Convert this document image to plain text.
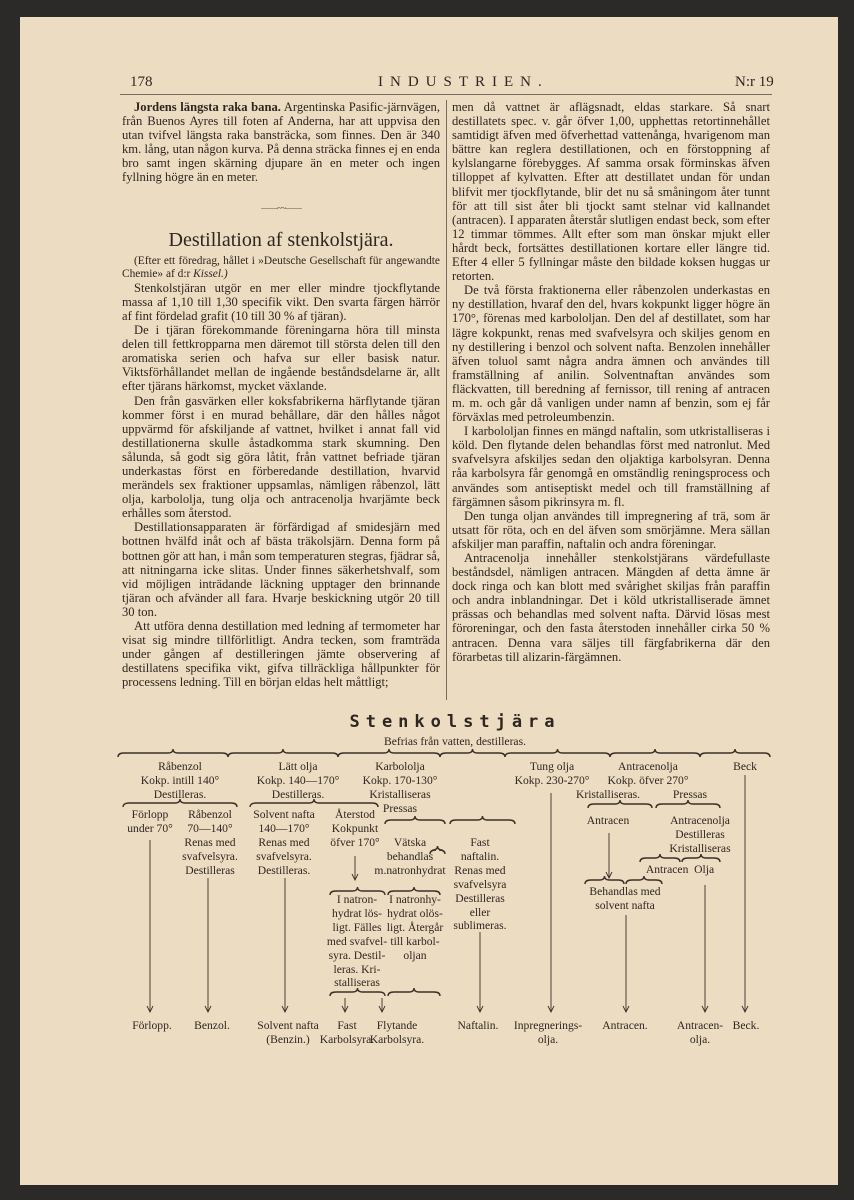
178	INDUSTRIEN.	N:r 19

Jordens längsta raka bana. Argentinska Pasific-järnvägen, från Buenos Ayres till foten af Anderna, har att uppvisa den utan tvifvel längsta raka bansträcka, som finnes. Den är 340 km. lång, utan någon kurva. På denna sträcka finnes ej en enda bro samt ingen skärning djupare än en meter och ingen fyllning högre än en meter.

——~~——
Destillation af stenkolstjära.

(Efter ett föredrag, hållet i »Deutsche Gesellschaft für angewandte Chemie» af d:r Kissel.)

Stenkolstjäran utgör en mer eller mindre tjockflytande massa af 1,10 till 1,30 specifik vikt. Den svarta färgen härrör af fint fördelad grafit (10 till 30 % af tjäran).

De i tjäran förekommande föreningarna höra till minsta delen till fettkropparna men däremot till största delen till den aromatiska serien och hafva sur eller basisk natur. Viktsförhållandet mellan de ingående beståndsdelarne är, allt efter tjärans härkomst, mycket växlande.

Den från gasvärken eller koksfabrikerna härflytande tjäran kommer först i en murad behållare, där den hålles något uppvärmd för afskiljande af vattnet, hvilket i annat fall vid destillationerna skulle åstadkomma stark skumning. Den sålunda, så godt sig göra låtit, från vattnet befriade tjäran underkastas först en förberedande destillation, hvarvid merändels sex fraktioner uppsamlas, nämligen råbenzol, lätt olja, karbololja, tung olja och antracenolja hvarjämte beck erhålles som återstod.

Destillationsapparaten är förfärdigad af smidesjärn med bottnen hvälfd inåt och af bästa träkolsjärn. Denna form på bottnen gör att han, i mån som temperaturen stegras, fjädrar så, att nitningarna icke slitas. Under finnes säkerhetshvalf, som vid möjligen inträdande läckning upptager den brinnande tjäran och afvänder all fara. Hvarje beskickning utgör 20 till 30 ton.

Att utföra denna destillation med ledning af termometer har visat sig mindre tillförlitligt. Andra tecken, som framträda under gången af destilleringen jämte observering af destillatens specifika vikt, gifva tillräckliga hållpunkter för processens ledning. Till en början eldas helt måttligt;

men då vattnet är aflägsnadt, eldas starkare. Så snart destillatets spec. v. går öfver 1,00, upphettas retortinnehållet samtidigt äfven med öfverhettad vattenånga, hvarigenom man bättre kan reglera destillationen, och en förstoppning af kylslangarne förebygges. Af samma orsak förminskas äfven tilloppet af kylvatten. Efter att destillatet undan för undan blifvit mer tjockflytande, blir det nu så småningom åter tunnt för att till sist åter bli tjockt samt stelnar vid kallnandet (antracen). I apparaten återstår slutligen endast beck, som efter 12 timmar tömmes. Allt efter som man önskar mjukt eller hårdt beck, fortsättes destillationen kortare eller längre tid. Efter 4 eller 5 fyllningar måste den bildade koksen huggas ur retorten.

De två första fraktionerna eller råbenzolen underkastas en ny destillation, hvaraf den del, hvars kokpunkt ligger högre än 170°, förenas med karbololjan. Den del af destillatet, som har lägre kokpunkt, renas med svafvelsyra och skiljes genom en ny destillering i benzol och solvent nafta. Benzolen innehåller äfven toluol samt några andra ämnen och användes till framställning af anilin. Solventnaftan användes som fläckvatten, till beredning af fernissor, till rening af antracen m. m. och går då vanligen under namn af benzin, som ej får förväxlas med petroleumbenzin.

I karbololjan finnes en mängd naftalin, som utkristalliseras i köld. Den flytande delen behandlas först med natronlut. Med svafvelsyra afskiljes sedan den oljaktiga karbolsyran. Denna råa karbolsyra får genomgå en omständlig reningsprocess och användes som antiseptiskt medel och till framställning af färgämnen såsom pikrinsyra m. fl.

Den tunga oljan användes till impregnering af trä, som är utsatt för röta, och en del äfven som smörjämne. Mera sällan afskiljer man paraffin, naftalin och andra föreningar.

Antracenolja innehåller stenkolstjärans värdefullaste beståndsdel, nämligen antracen. Mängden af detta ämne är dock ringa och kan blott med svårighet skiljas från paraffin och andra inblandningar. Det i köld utkristalliserade ämnet prässas och behandlas med solvent nafta. Därvid lösas mest föroreningar, och den fasta återstoden innehåller cirka 50 % antracen. Denna vara säljes till färgfabrikerna där den förarbetas till alizarin-färgämnen.

Stenkolstjära
Befrias från vatten, destilleras.
Råbenzol
Kokp. intill 140°
Destilleras.
Lätt olja
Kokp. 140—170°
Destilleras.
Karbololja
Kokp. 170-130°
Kristalliseras
Pressas
Tung olja
Kokp. 230-270°
Antracenolja
Kokp. öfver 270°
Kristalliseras.	Pressas
Beck
Förlopp
under 70°
Råbenzol
70—140°
Renas med
svafvelsyra.
Destilleras
Solvent nafta
140—170°
Renas med
svafvelsyra.
Destilleras.
Återstod
Kokpunkt
öfver 170°	Vätska
behandlas
m.natronhydrat
Fast
naftalin.
Renas med
svafvelsyra
Destilleras
eller
sublimeras.
Antracen	Antracenolja
Destilleras
Kristalliseras
Antracen  Olja
Behandlas med
solvent nafta
I natron-
hydrat lös-
ligt. Fälles
med svafvel-
syra. Destil-
leras. Kri-
stalliseras
I natronhy-
hydrat olös-
ligt. Återgår
till karbol-
oljan
Förlopp. Benzol. Solvent nafta
(Benzin.)
Fast
Karbolsyra.
Flytande
Karbolsyra.
Naftalin. Inpregnerings-
olja.
Antracen.	Antracen-
olja.
Beck.
